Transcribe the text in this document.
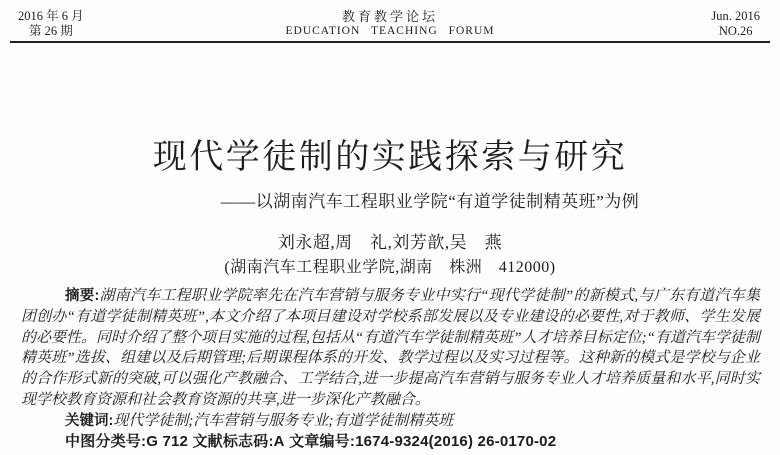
2016 年 6 月
第 26 期
教育教学论坛
EDUCATION TEACHING FORUM
Jun. 2016
NO.26
现代学徒制的实践探索与研究
——以湖南汽车工程职业学院“有道学徒制精英班”为例
刘永超,周　礼,刘芳歆,吴　燕
(湖南汽车工程职业学院,湖南　株洲　412000)

摘要:湖南汽车工程职业学院率先在汽车营销与服务专业中实行“现代学徒制”的新模式,与广东有道汽车集团创办“有道学徒制精英班”,本文介绍了本项目建设对学校系部发展以及专业建设的必要性,对于教师、学生发展的必要性。同时介绍了整个项目实施的过程,包括从“有道汽车学徒制精英班”人才培养目标定位;“有道汽车学徒制精英班”选拔、组建以及后期管理;后期课程体系的开发、教学过程以及实习过程等。这种新的模式是学校与企业的合作形式新的突破,可以强化产教融合、工学结合,进一步提高汽车营销与服务专业人才培养质量和水平,同时实现学校教育资源和社会教育资源的共享,进一步深化产教融合。

关键词:现代学徒制;汽车营销与服务专业;有道学徒制精英班

中图分类号:G 712 文献标志码:A 文章编号:1674-9324(2016) 26-0170-02
